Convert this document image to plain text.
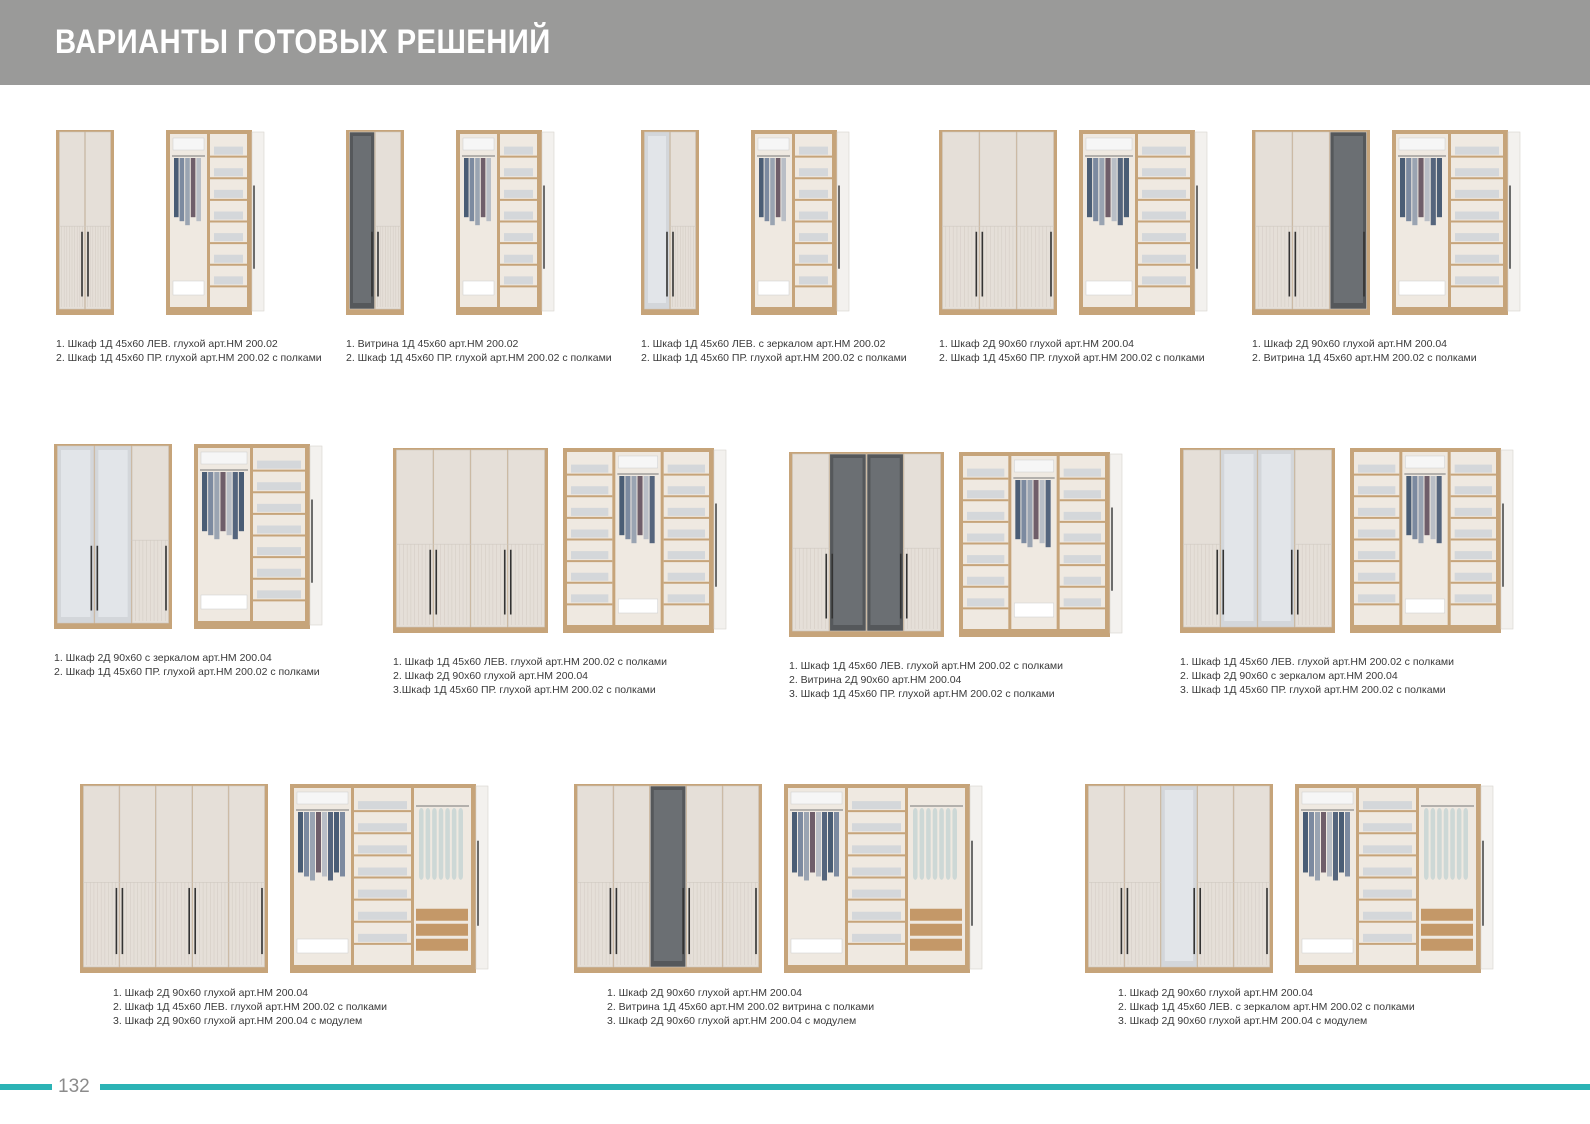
ВАРИАНТЫ ГОТОВЫХ РЕШЕНИЙ
1. Шкаф 1Д 45x60 ЛЕВ. глухой арт.НМ 200.02
2. Шкаф 1Д 45x60 ПР. глухой арт.НМ 200.02 с полками
1. Витрина 1Д 45x60 арт.НМ 200.02
2. Шкаф 1Д 45x60 ПР. глухой арт.НМ 200.02 с полками
1. Шкаф 1Д 45x60 ЛЕВ. с зеркалом арт.НМ 200.02
2. Шкаф 1Д 45x60 ПР. глухой арт.НМ 200.02 с полками
1. Шкаф 2Д 90x60 глухой арт.НМ 200.04
2. Шкаф 1Д 45x60 ПР. глухой арт.НМ 200.02 с полками
1. Шкаф 2Д 90x60 глухой арт.НМ 200.04
2. Витрина 1Д 45x60 арт.НМ 200.02 с полками
1. Шкаф 2Д 90x60 с зеркалом арт.НМ 200.04
2. Шкаф 1Д 45x60 ПР. глухой арт.НМ 200.02 с полками
1. Шкаф 1Д 45x60 ЛЕВ. глухой арт.НМ 200.02 с полками
2. Шкаф 2Д 90x60 глухой арт.НМ 200.04
3.Шкаф 1Д 45x60 ПР. глухой арт.НМ 200.02 с полками
1. Шкаф 1Д 45x60 ЛЕВ. глухой арт.НМ 200.02 с полками
2. Витрина 2Д 90x60 арт.НМ 200.04
3. Шкаф 1Д 45x60 ПР. глухой арт.НМ 200.02 с полками
1. Шкаф 1Д 45x60 ЛЕВ. глухой арт.НМ 200.02 с полками
2. Шкаф 2Д 90x60 с зеркалом арт.НМ 200.04
3. Шкаф 1Д 45x60 ПР. глухой арт.НМ 200.02 с полками
1. Шкаф 2Д 90x60 глухой арт.НМ 200.04
2. Шкаф 1Д 45x60 ЛЕВ. глухой арт.НМ 200.02 с полками
3. Шкаф 2Д 90x60 глухой арт.НМ 200.04 с модулем
1. Шкаф 2Д 90x60 глухой арт.НМ 200.04
2. Витрина 1Д 45x60 арт.НМ 200.02 витрина с полками
3. Шкаф 2Д 90x60 глухой арт.НМ 200.04 с модулем
1. Шкаф 2Д 90x60 глухой арт.НМ 200.04
2. Шкаф 1Д 45x60 ЛЕВ. с зеркалом арт.НМ 200.02 с полками
3. Шкаф 2Д 90x60 глухой арт.НМ 200.04 с модулем
132
